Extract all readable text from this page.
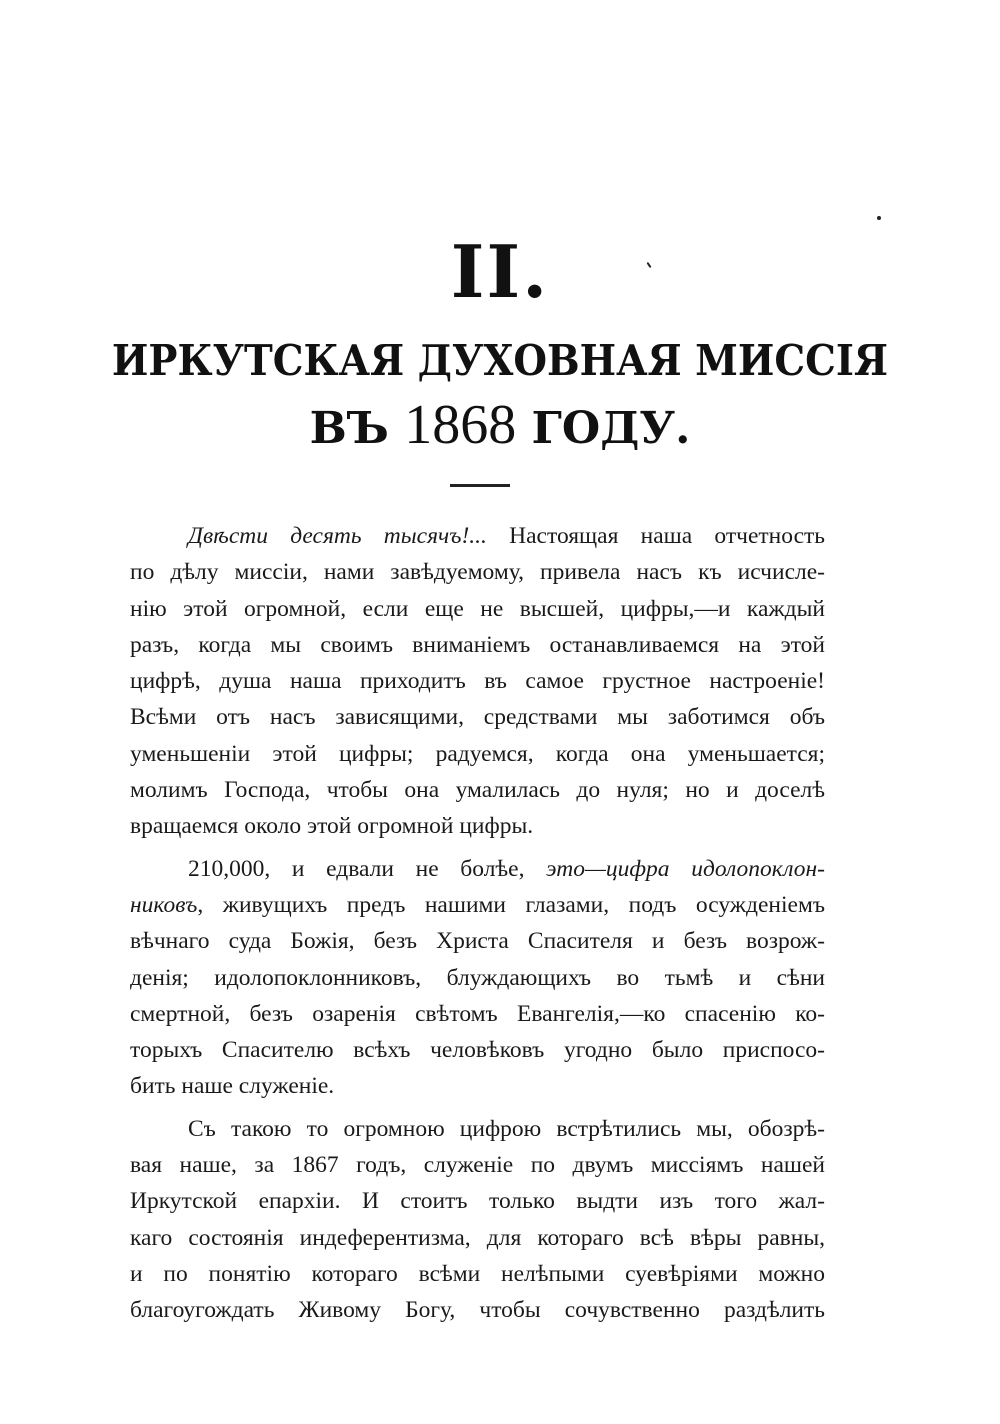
II.
ИРКУТСКАЯ ДУХОВНАЯ МИССІЯ
ВЪ 1868 ГОДУ.
Двѣсти десять тысячъ!... Настоящая наша отчетность
по дѣлу миссіи, нами завѣдуемому, привела насъ къ исчисле-
нію этой огромной, если еще не высшей, цифры,—и каждый
разъ, когда мы своимъ вниманіемъ останавливаемся на этой
цифрѣ, душа наша приходитъ въ самое грустное настроеніе!
Всѣми отъ насъ зависящими, средствами мы заботимся объ
уменьшеніи этой цифры; радуемся, когда она уменьшается;
молимъ Господа, чтобы она умалилась до нуля; но и доселѣ
вращаемся около этой огромной цифры.
210,000, и едвали не болѣе, это—цифра идолопоклон-
никовъ, живущихъ предъ нашими глазами, подъ осужденіемъ
вѣчнаго суда Божія, безъ Христа Спасителя и безъ возрож-
денія; идолопоклонниковъ, блуждающихъ во тьмѣ и сѣни
смертной, безъ озаренія свѣтомъ Евангелія,—ко спасенію ко-
торыхъ Спасителю всѣхъ человѣковъ угодно было приспосо-
бить наше служеніе.
Съ такою то огромною цифрою встрѣтились мы, обозрѣ-
вая наше, за 1867 годъ, служеніе по двумъ миссіямъ нашей
Иркутской епархіи. И стоитъ только выдти изъ того жал-
каго состоянія индеферентизма, для котораго всѣ вѣры равны,
и по понятію котораго всѣми нелѣпыми суевѣріями можно
благоугождать Живому Богу, чтобы сочувственно раздѣлить
